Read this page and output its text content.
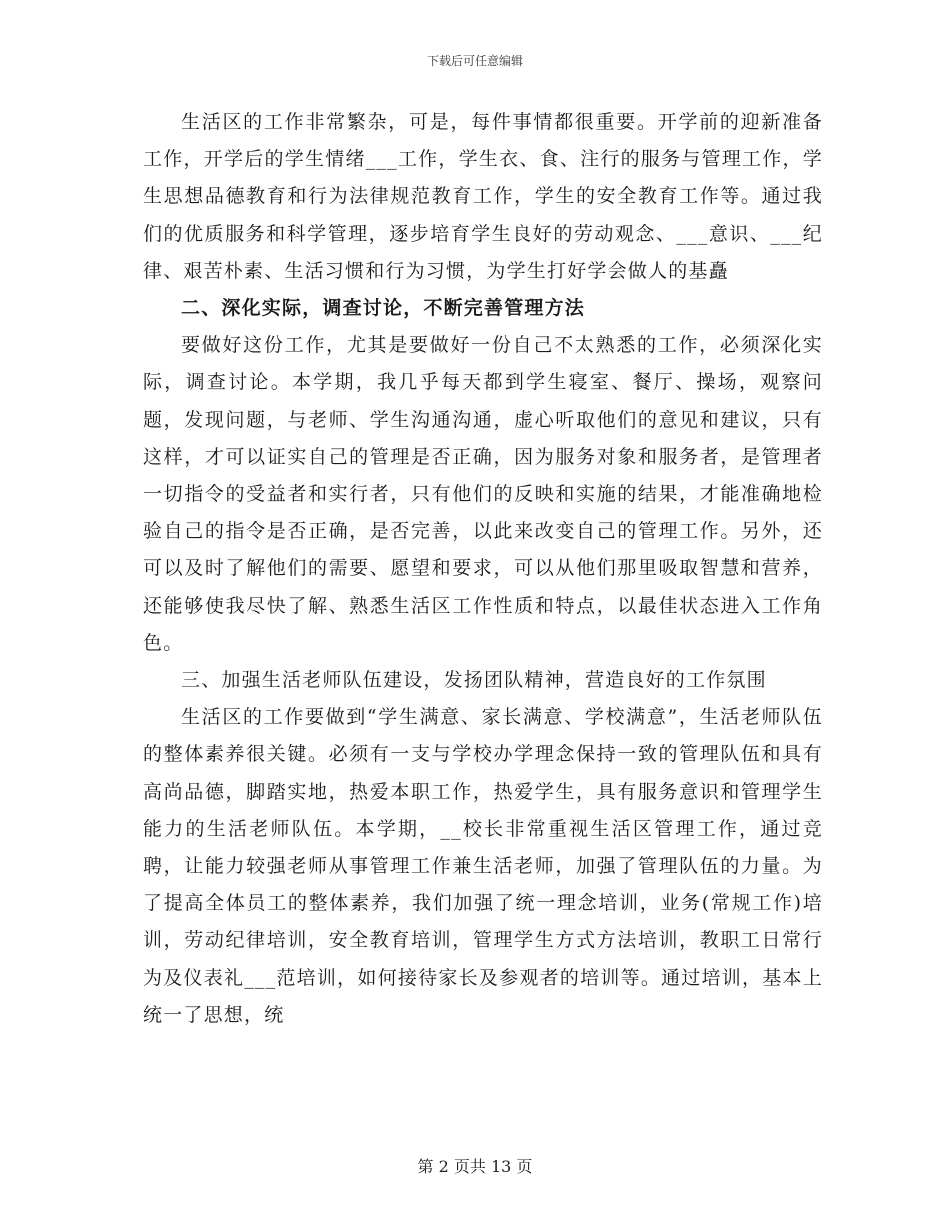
下载后可任意编辑

生活区的工作非常繁杂，可是，每件事情都很重要。开学前的迎新准备工作，开学后的学生情绪___工作，学生衣、食、注行的服务与管理工作，学生思想品德教育和行为法律规范教育工作，学生的安全教育工作等。通过我们的优质服务和科学管理，逐步培育学生良好的劳动观念、___意识、___纪律、艰苦朴素、生活习惯和行为习惯，为学生打好学会做人的基矗

二、深化实际，调查讨论，不断完善管理方法

要做好这份工作，尤其是要做好一份自己不太熟悉的工作，必须深化实际，调查讨论。本学期，我几乎每天都到学生寝室、餐厅、操场，观察问题，发现问题，与老师、学生沟通沟通，虚心听取他们的意见和建议，只有这样，才可以证实自己的管理是否正确，因为服务对象和服务者，是管理者一切指令的受益者和实行者，只有他们的反映和实施的结果，才能准确地检验自己的指令是否正确，是否完善，以此来改变自己的管理工作。另外，还可以及时了解他们的需要、愿望和要求，可以从他们那里吸取智慧和营养，还能够使我尽快了解、熟悉生活区工作性质和特点，以最佳状态进入工作角色。

三、加强生活老师队伍建设，发扬团队精神，营造良好的工作氛围

生活区的工作要做到“学生满意、家长满意、学校满意”，生活老师队伍的整体素养很关键。必须有一支与学校办学理念保持一致的管理队伍和具有高尚品德，脚踏实地，热爱本职工作，热爱学生，具有服务意识和管理学生能力的生活老师队伍。本学期，__校长非常重视生活区管理工作，通过竞聘，让能力较强老师从事管理工作兼生活老师，加强了管理队伍的力量。为了提高全体员工的整体素养，我们加强了统一理念培训，业务(常规工作)培训，劳动纪律培训，安全教育培训，管理学生方式方法培训，教职工日常行为及仪表礼___范培训，如何接待家长及参观者的培训等。通过培训，基本上统一了思想，统

第 2 页共 13 页
